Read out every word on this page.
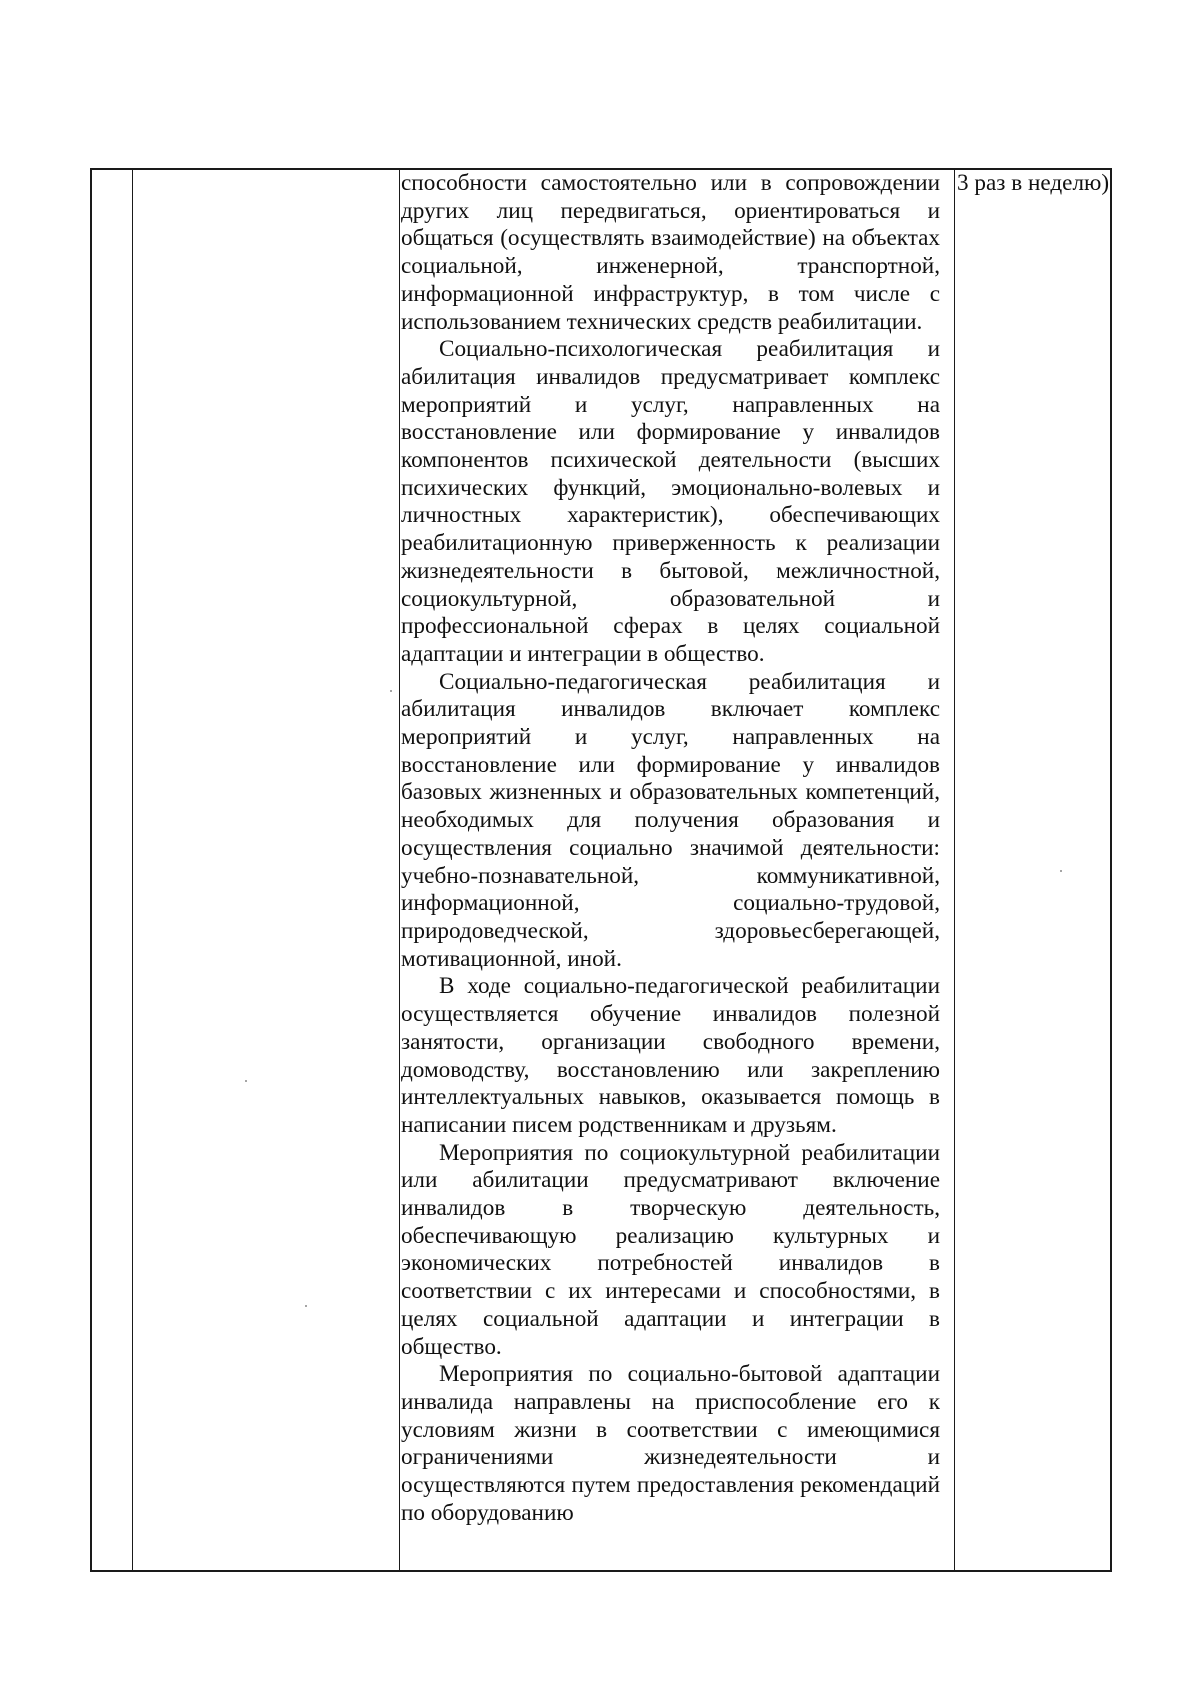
способности самостоятельно или в сопровождении других лиц передвигаться, ориентироваться и общаться (осуществлять взаимодействие) на объектах социальной, инженерной, транспортной, информационной инфраструктур, в том числе с использованием технических средств реабилитации.

Социально-психологическая реабилитация и абилитация инвалидов предусматривает комплекс мероприятий и услуг, направленных на восстановление или формирование у инвалидов компонентов психической деятельности (высших психических функций, эмоционально-волевых и личностных характеристик), обеспечивающих реабилитационную приверженность к реализации жизнедеятельности в бытовой, межличностной, социокультурной, образовательной и профессиональной сферах в целях социальной адаптации и интеграции в общество.

Социально-педагогическая реабилитация и абилитация инвалидов включает комплекс мероприятий и услуг, направленных на восстановление или формирование у инвалидов базовых жизненных и образовательных компетенций, необходимых для получения образования и осуществления социально значимой деятельности: учебно-познавательной, коммуникативной, информационной, социально-трудовой, природоведческой, здоровьесберегающей, мотивационной, иной.

В ходе социально-педагогической реабилитации осуществляется обучение инвалидов полезной занятости, организации свободного времени, домоводству, восстановлению или закреплению интеллектуальных навыков, оказывается помощь в написании писем родственникам и друзьям.

Мероприятия по социокультурной реабилитации или абилитации предусматривают включение инвалидов в творческую деятельность, обеспечивающую реализацию культурных и экономических потребностей инвалидов в соответствии с их интересами и способностями, в целях социальной адаптации и интеграции в общество.

Мероприятия по социально-бытовой адаптации инвалида направлены на приспособление его к условиям жизни в соответствии с имеющимися ограничениями жизнедеятельности и осуществляются путем предоставления рекомендаций по оборудованию

3 раз в неделю)
